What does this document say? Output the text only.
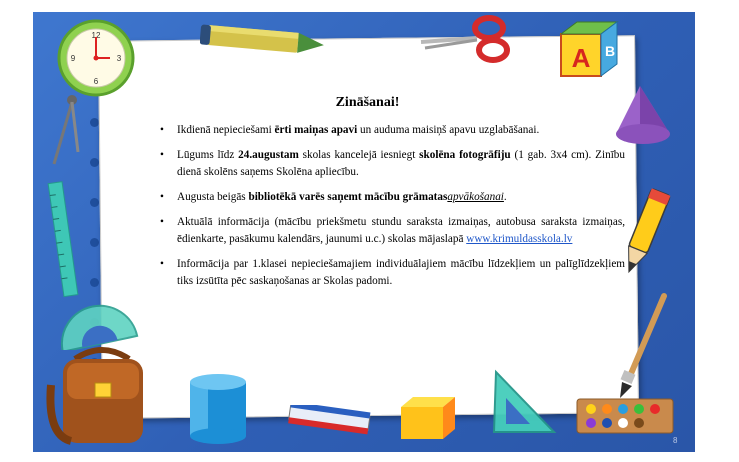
12
3
6
9	A B
Zināšanai!
• Ikdienā nepieciešami ērti maiņas apavi un auduma maisiņš apavu uzglabāšanai.
• Lūgums līdz 24.augustam skolas kancelejā iesniegt skolēna fotogrāfiju (1 gab. 3x4 cm). Zinību dienā skolēns saņems Skolēna apliecību.
• Augusta beigās bibliotēkā varēs saņemt mācību grāmatasapvākošanai.
• Aktuālā informācija (mācību priekšmetu stundu saraksta izmaiņas, autobusa saraksta izmaiņas, ēdienkarte, pasākumu kalendārs, jaunumi u.c.) skolas mājaslapā www.krimuldasskola.lv
• Informācija par 1.klasei nepieciešamajiem individuālajiem mācību līdzekļiem un palīglīdzekļiem tiks izsūtīta pēc saskaņošanas ar Skolas padomi.
8
